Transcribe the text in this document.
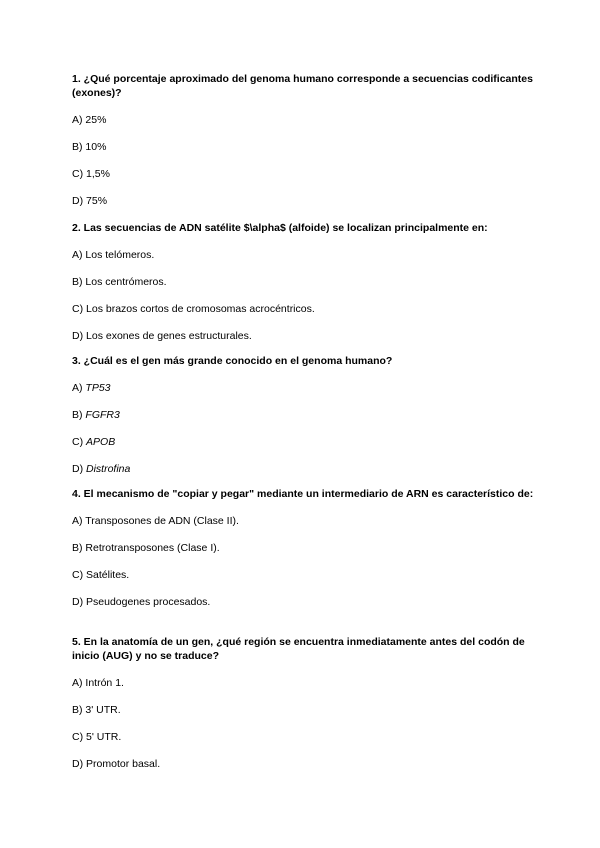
1. ¿Qué porcentaje aproximado del genoma humano corresponde a secuencias codificantes (exones)?

A) 25%
B) 10%
C) 1,5%
D) 75%

2. Las secuencias de ADN satélite $\alpha$ (alfoide) se localizan principalmente en:

A) Los telómeros.
B) Los centrómeros.
C) Los brazos cortos de cromosomas acrocéntricos.
D) Los exones de genes estructurales.

3. ¿Cuál es el gen más grande conocido en el genoma humano?

A) TP53
B) FGFR3
C) APOB
D) Distrofina

4. El mecanismo de "copiar y pegar" mediante un intermediario de ARN es característico de:

A) Transposones de ADN (Clase II).
B) Retrotransposones (Clase I).
C) Satélites.
D) Pseudogenes procesados.

5. En la anatomía de un gen, ¿qué región se encuentra inmediatamente antes del codón de inicio (AUG) y no se traduce?

A) Intrón 1.
B) 3' UTR.
C) 5' UTR.
D) Promotor basal.
